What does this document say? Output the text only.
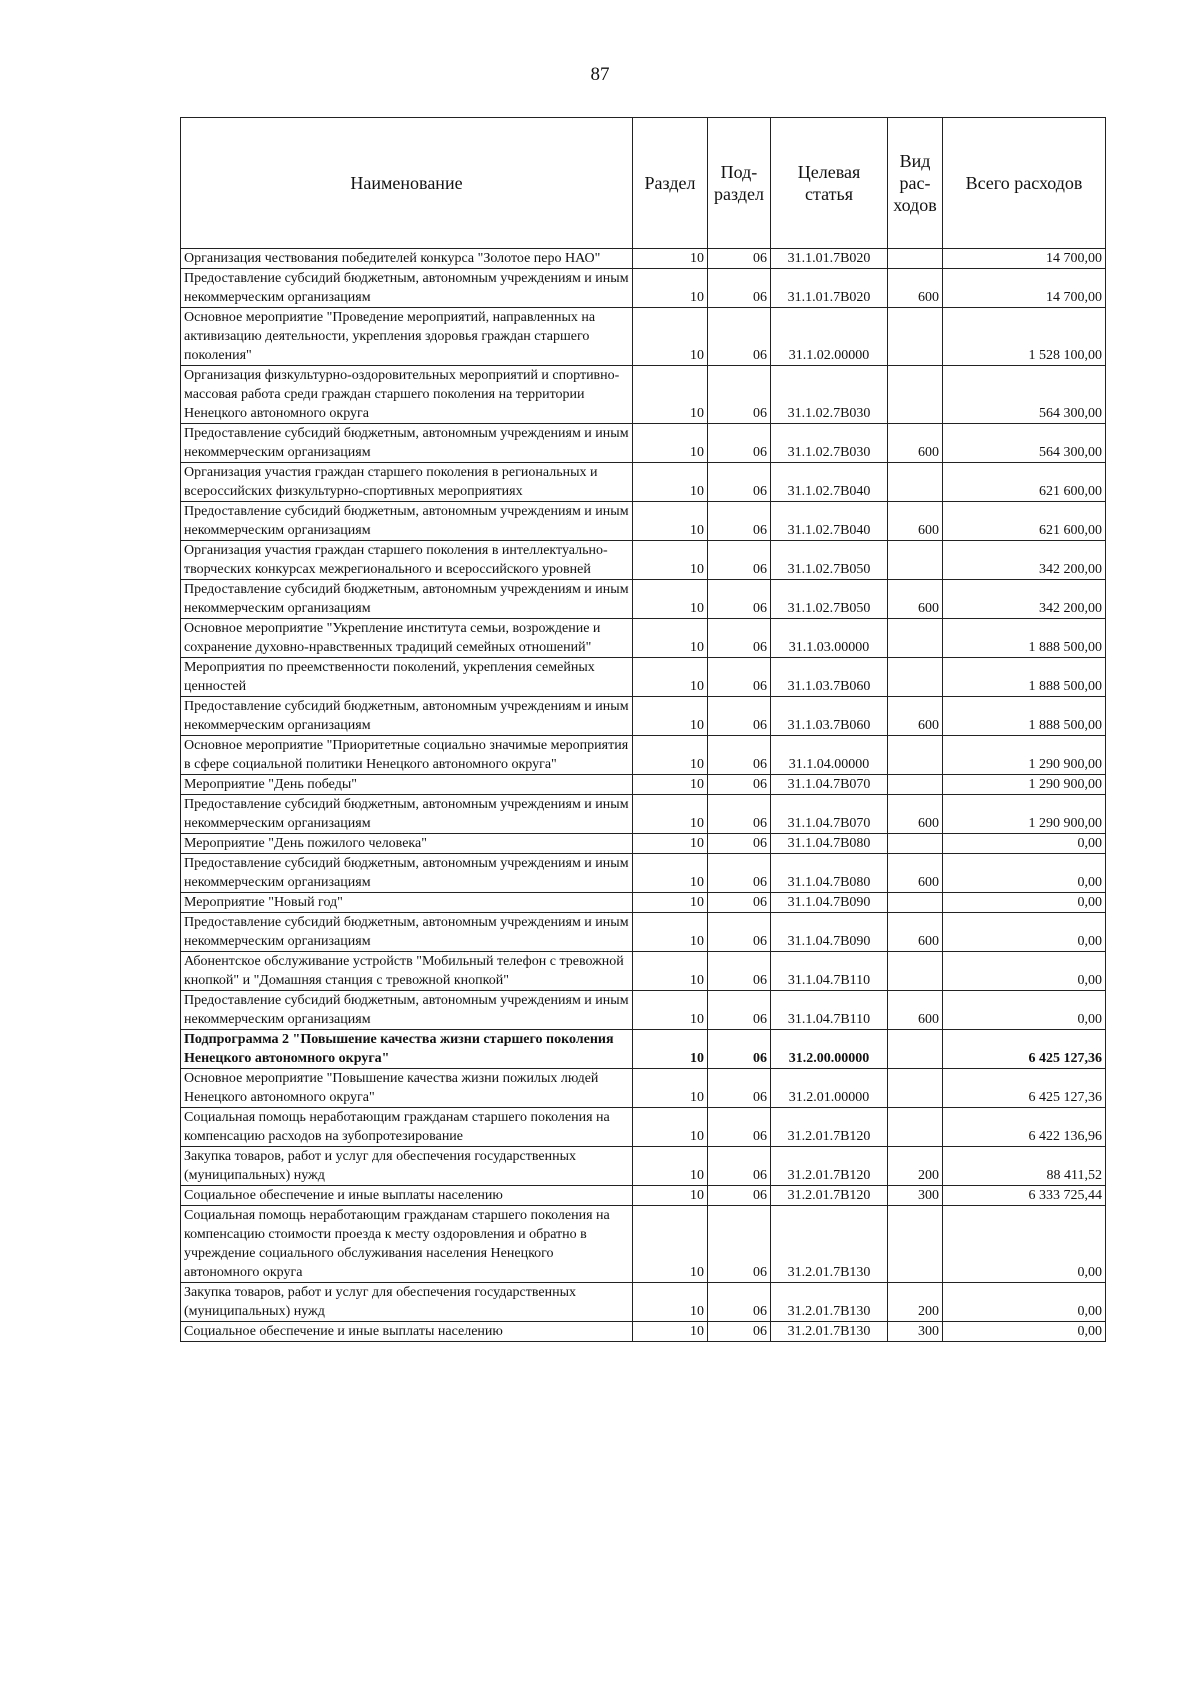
87
Наименование	Раздел	Под-раздел	Целевая статья	Вид рас-ходов	Всего расходов
Организация чествования победителей конкурса "Золотое перо НАО"	10	06	31.1.01.7В020		14 700,00
Предоставление субсидий бюджетным, автономным учреждениям и иным некоммерческим организациям	10	06	31.1.01.7В020	600	14 700,00
Основное мероприятие "Проведение мероприятий, направленных на активизацию деятельности, укрепления здоровья граждан старшего поколения"	10	06	31.1.02.00000		1 528 100,00
Организация физкультурно-оздоровительных мероприятий и спортивно-массовая работа среди граждан старшего поколения на территории Ненецкого автономного округа	10	06	31.1.02.7В030		564 300,00
Предоставление субсидий бюджетным, автономным учреждениям и иным некоммерческим организациям	10	06	31.1.02.7В030	600	564 300,00
Организация участия граждан старшего поколения в региональных и всероссийских физкультурно-спортивных мероприятиях	10	06	31.1.02.7В040		621 600,00
Предоставление субсидий бюджетным, автономным учреждениям и иным некоммерческим организациям	10	06	31.1.02.7В040	600	621 600,00
Организация участия граждан старшего поколения в интеллектуально-творческих конкурсах межрегионального и всероссийского уровней	10	06	31.1.02.7В050		342 200,00
Предоставление субсидий бюджетным, автономным учреждениям и иным некоммерческим организациям	10	06	31.1.02.7В050	600	342 200,00
Основное мероприятие "Укрепление института семьи, возрождение и сохранение духовно-нравственных традиций семейных отношений"	10	06	31.1.03.00000		1 888 500,00
Мероприятия по преемственности поколений, укрепления семейных ценностей	10	06	31.1.03.7В060		1 888 500,00
Предоставление субсидий бюджетным, автономным учреждениям и иным некоммерческим организациям	10	06	31.1.03.7В060	600	1 888 500,00
Основное мероприятие "Приоритетные социально значимые мероприятия в сфере социальной политики Ненецкого автономного округа"	10	06	31.1.04.00000		1 290 900,00
Мероприятие "День победы"	10	06	31.1.04.7В070		1 290 900,00
Предоставление субсидий бюджетным, автономным учреждениям и иным некоммерческим организациям	10	06	31.1.04.7В070	600	1 290 900,00
Мероприятие "День пожилого человека"	10	06	31.1.04.7В080		0,00
Предоставление субсидий бюджетным, автономным учреждениям и иным некоммерческим организациям	10	06	31.1.04.7В080	600	0,00
Мероприятие "Новый год"	10	06	31.1.04.7В090		0,00
Предоставление субсидий бюджетным, автономным учреждениям и иным некоммерческим организациям	10	06	31.1.04.7В090	600	0,00
Абонентское обслуживание устройств "Мобильный телефон с тревожной кнопкой" и "Домашняя станция с тревожной кнопкой"	10	06	31.1.04.7В110		0,00
Предоставление субсидий бюджетным, автономным учреждениям и иным некоммерческим организациям	10	06	31.1.04.7В110	600	0,00
Подпрограмма 2 "Повышение качества жизни старшего поколения Ненецкого автономного округа"	10	06	31.2.00.00000		6 425 127,36
Основное мероприятие "Повышение качества жизни пожилых людей Ненецкого автономного округа"	10	06	31.2.01.00000		6 425 127,36
Социальная помощь неработающим гражданам старшего поколения на компенсацию расходов на зубопротезирование	10	06	31.2.01.7В120		6 422 136,96
Закупка товаров, работ и услуг для обеспечения государственных (муниципальных) нужд	10	06	31.2.01.7В120	200	88 411,52
Социальное обеспечение и иные выплаты населению	10	06	31.2.01.7В120	300	6 333 725,44
Социальная помощь неработающим гражданам старшего поколения на компенсацию стоимости проезда к месту оздоровления и обратно в учреждение социального обслуживания населения Ненецкого автономного округа	10	06	31.2.01.7В130		0,00
Закупка товаров, работ и услуг для обеспечения государственных (муниципальных) нужд	10	06	31.2.01.7В130	200	0,00
Социальное обеспечение и иные выплаты населению	10	06	31.2.01.7В130	300	0,00
